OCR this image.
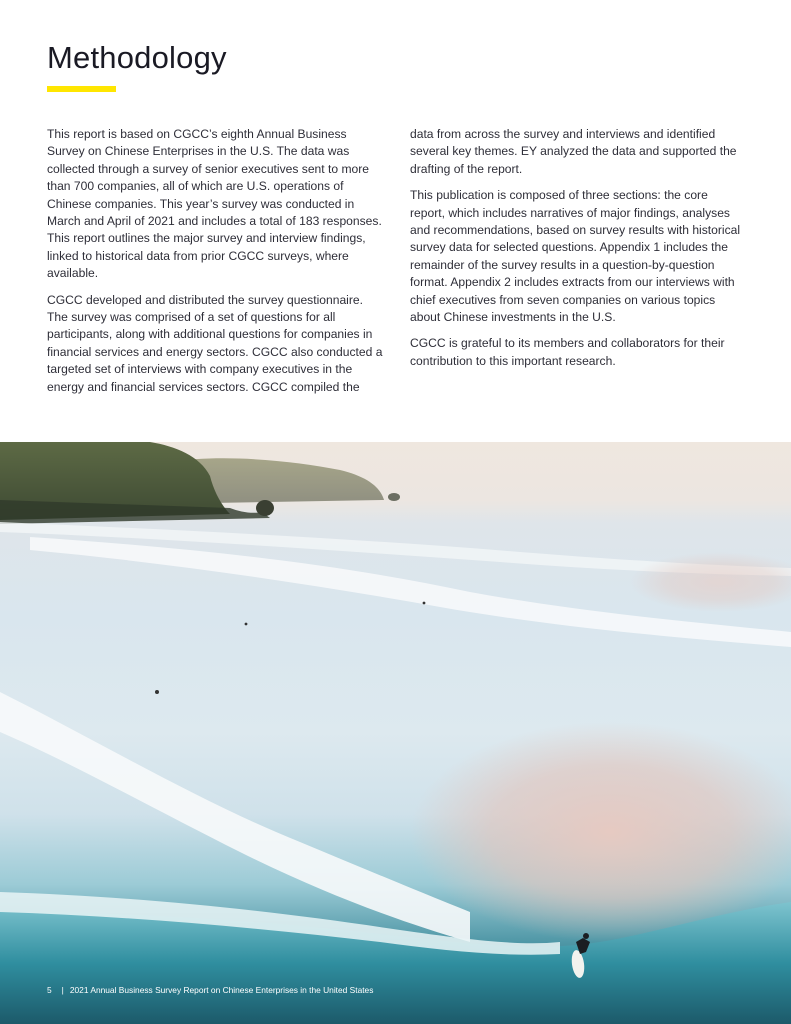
Methodology

This report is based on CGCC’s eighth Annual Business Survey on Chinese Enterprises in the U.S. The data was collected through a survey of senior executives sent to more than 700 companies, all of which are U.S. operations of Chinese companies. This year’s survey was conducted in March and April of 2021 and includes a total of 183 responses. This report outlines the major survey and interview findings, linked to historical data from prior CGCC surveys, where available.

CGCC developed and distributed the survey questionnaire. The survey was comprised of a set of questions for all participants, along with additional questions for companies in financial services and energy sectors. CGCC also conducted a targeted set of interviews with company executives in the energy and financial services sectors. CGCC compiled the

data from across the survey and interviews and identified several key themes. EY analyzed the data and supported the drafting of the report.

This publication is composed of three sections: the core report, which includes narratives of major findings, analyses and recommendations, based on survey results with historical survey data for selected questions. Appendix 1 includes the remainder of the survey results in a question-by-question format. Appendix 2 includes extracts from our interviews with chief executives from seven companies on various topics about Chinese investments in the U.S.

CGCC is grateful to its members and collaborators for their contribution to this important research.

5 | 2021 Annual Business Survey Report on Chinese Enterprises in the United States
